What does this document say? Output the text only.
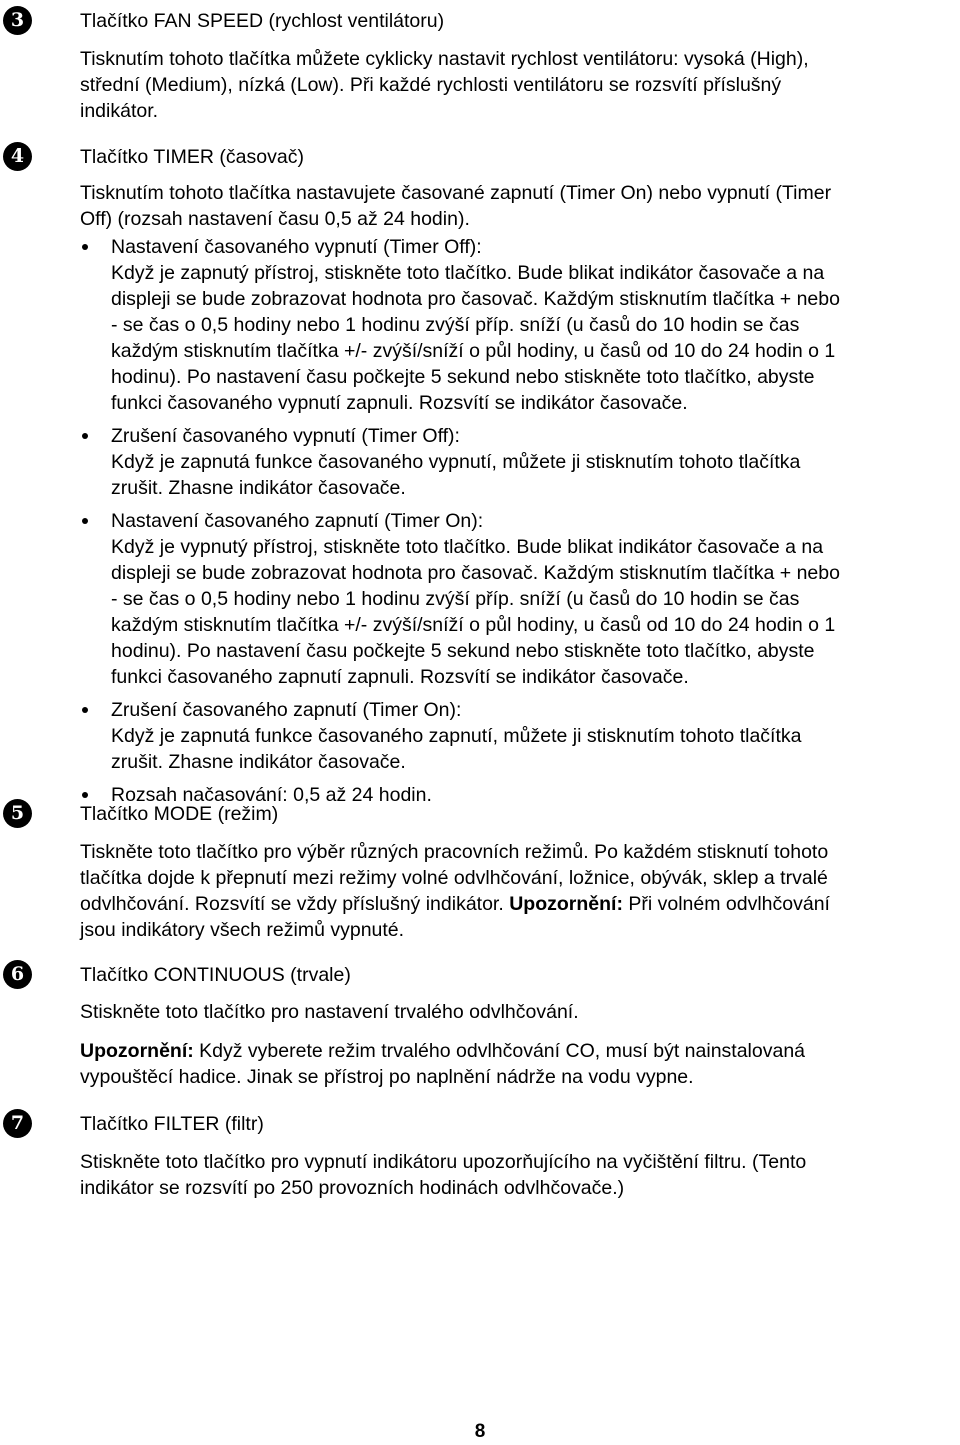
3	Tlačítko FAN SPEED (rychlost ventilátoru)

Tisknutím tohoto tlačítka můžete cyklicky nastavit rychlost ventilátoru: vysoká (High),
střední (Medium), nízká (Low). Při každé rychlosti ventilátoru se rozsvítí příslušný
indikátor.

4	Tlačítko TIMER (časovač)

Tisknutím tohoto tlačítka nastavujete časované zapnutí (Timer On) nebo vypnutí (Timer
Off) (rozsah nastavení času 0,5 až 24 hodin).

Nastavení časovaného vypnutí (Timer Off):
Když je zapnutý přístroj, stiskněte toto tlačítko. Bude blikat indikátor časovače a na
displeji se bude zobrazovat hodnota pro časovač. Každým stisknutím tlačítka + nebo
- se čas o 0,5 hodiny nebo 1 hodinu zvýší příp. sníží (u časů do 10 hodin se čas
každým stisknutím tlačítka +/- zvýší/sníží o půl hodiny, u časů od 10 do 24 hodin o 1
hodinu). Po nastavení času počkejte 5 sekund nebo stiskněte toto tlačítko, abyste
funkci časovaného vypnutí zapnuli. Rozsvítí se indikátor časovače.
Zrušení časovaného vypnutí (Timer Off):
Když je zapnutá funkce časovaného vypnutí, můžete ji stisknutím tohoto tlačítka
zrušit. Zhasne indikátor časovače.
Nastavení časovaného zapnutí (Timer On):
Když je vypnutý přístroj, stiskněte toto tlačítko. Bude blikat indikátor časovače a na
displeji se bude zobrazovat hodnota pro časovač. Každým stisknutím tlačítka + nebo
- se čas o 0,5 hodiny nebo 1 hodinu zvýší příp. sníží (u časů do 10 hodin se čas
každým stisknutím tlačítka +/- zvýší/sníží o půl hodiny, u časů od 10 do 24 hodin o 1
hodinu). Po nastavení času počkejte 5 sekund nebo stiskněte toto tlačítko, abyste
funkci časovaného zapnutí zapnuli. Rozsvítí se indikátor časovače.
Zrušení časovaného zapnutí (Timer On):
Když je zapnutá funkce časovaného zapnutí, můžete ji stisknutím tohoto tlačítka
zrušit. Zhasne indikátor časovače.
Rozsah načasování: 0,5 až 24 hodin.
5	Tlačítko MODE (režim)

Tiskněte toto tlačítko pro výběr různých pracovních režimů. Po každém stisknutí tohoto
tlačítka dojde k přepnutí mezi režimy volné odvlhčování, ložnice, obývák, sklep a trvalé
odvlhčování. Rozsvítí se vždy příslušný indikátor. Upozornění: Při volném odvlhčování
jsou indikátory všech režimů vypnuté.

6	Tlačítko CONTINUOUS (trvale)

Stiskněte toto tlačítko pro nastavení trvalého odvlhčování.

Upozornění: Když vyberete režim trvalého odvlhčování CO, musí být nainstalovaná
vypouštěcí hadice. Jinak se přístroj po naplnění nádrže na vodu vypne.

7	Tlačítko FILTER (filtr)

Stiskněte toto tlačítko pro vypnutí indikátoru upozorňujícího na vyčištění filtru. (Tento
indikátor se rozsvítí po 250 provozních hodinách odvlhčovače.)

8
